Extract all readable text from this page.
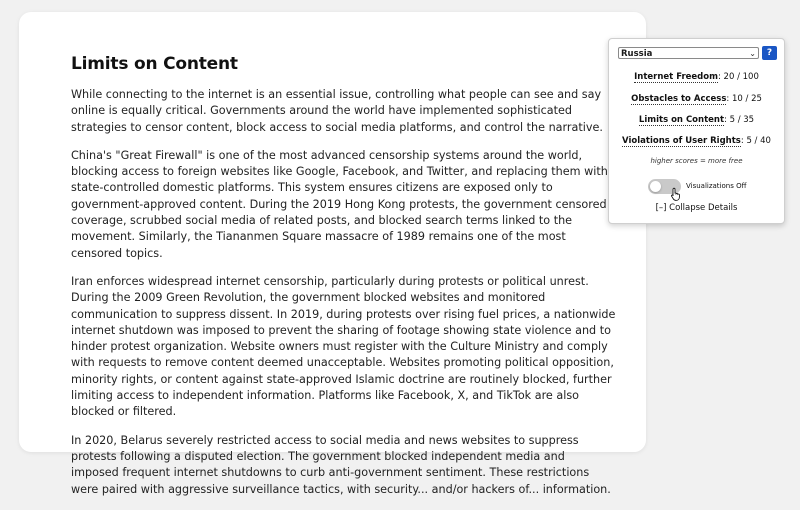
Limits on Content

While connecting to the internet is an essential issue, controlling what people can see and say online is equally critical. Governments around the world have implemented sophisticated strategies to censor content, block access to social media platforms, and control the narrative.

China's "Great Firewall" is one of the most advanced censorship systems around the world, blocking access to foreign websites like Google, Facebook, and Twitter, and replacing them with state-controlled domestic platforms. This system ensures citizens are exposed only to government-approved content. During the 2019 Hong Kong protests, the government censored coverage, scrubbed social media of related posts, and blocked search terms linked to the movement. Similarly, the Tiananmen Square massacre of 1989 remains one of the most censored topics.

Iran enforces widespread internet censorship, particularly during protests or political unrest. During the 2009 Green Revolution, the government blocked websites and monitored communication to suppress dissent. In 2019, during protests over rising fuel prices, a nationwide internet shutdown was imposed to prevent the sharing of footage showing state violence and to hinder protest organization. Website owners must register with the Culture Ministry and comply with requests to remove content deemed unacceptable. Websites promoting political opposition, minority rights, or content against state-approved Islamic doctrine are routinely blocked, further limiting access to independent information. Platforms like Facebook, X, and TikTok are also blocked or filtered.

In 2020, Belarus severely restricted access to social media and news websites to suppress protests following a disputed election. The government blocked independent media and imposed frequent internet shutdowns to curb anti-government sentiment. These restrictions were paired with aggressive surveillance tactics, with security... and/or hackers of... information.

Russia	⌄	?
Internet Freedom: 20 / 100
Obstacles to Access: 10 / 25
Limits on Content: 5 / 35
Violations of User Rights: 5 / 40
higher scores = more free
Visualizations Off
[–] Collapse Details
